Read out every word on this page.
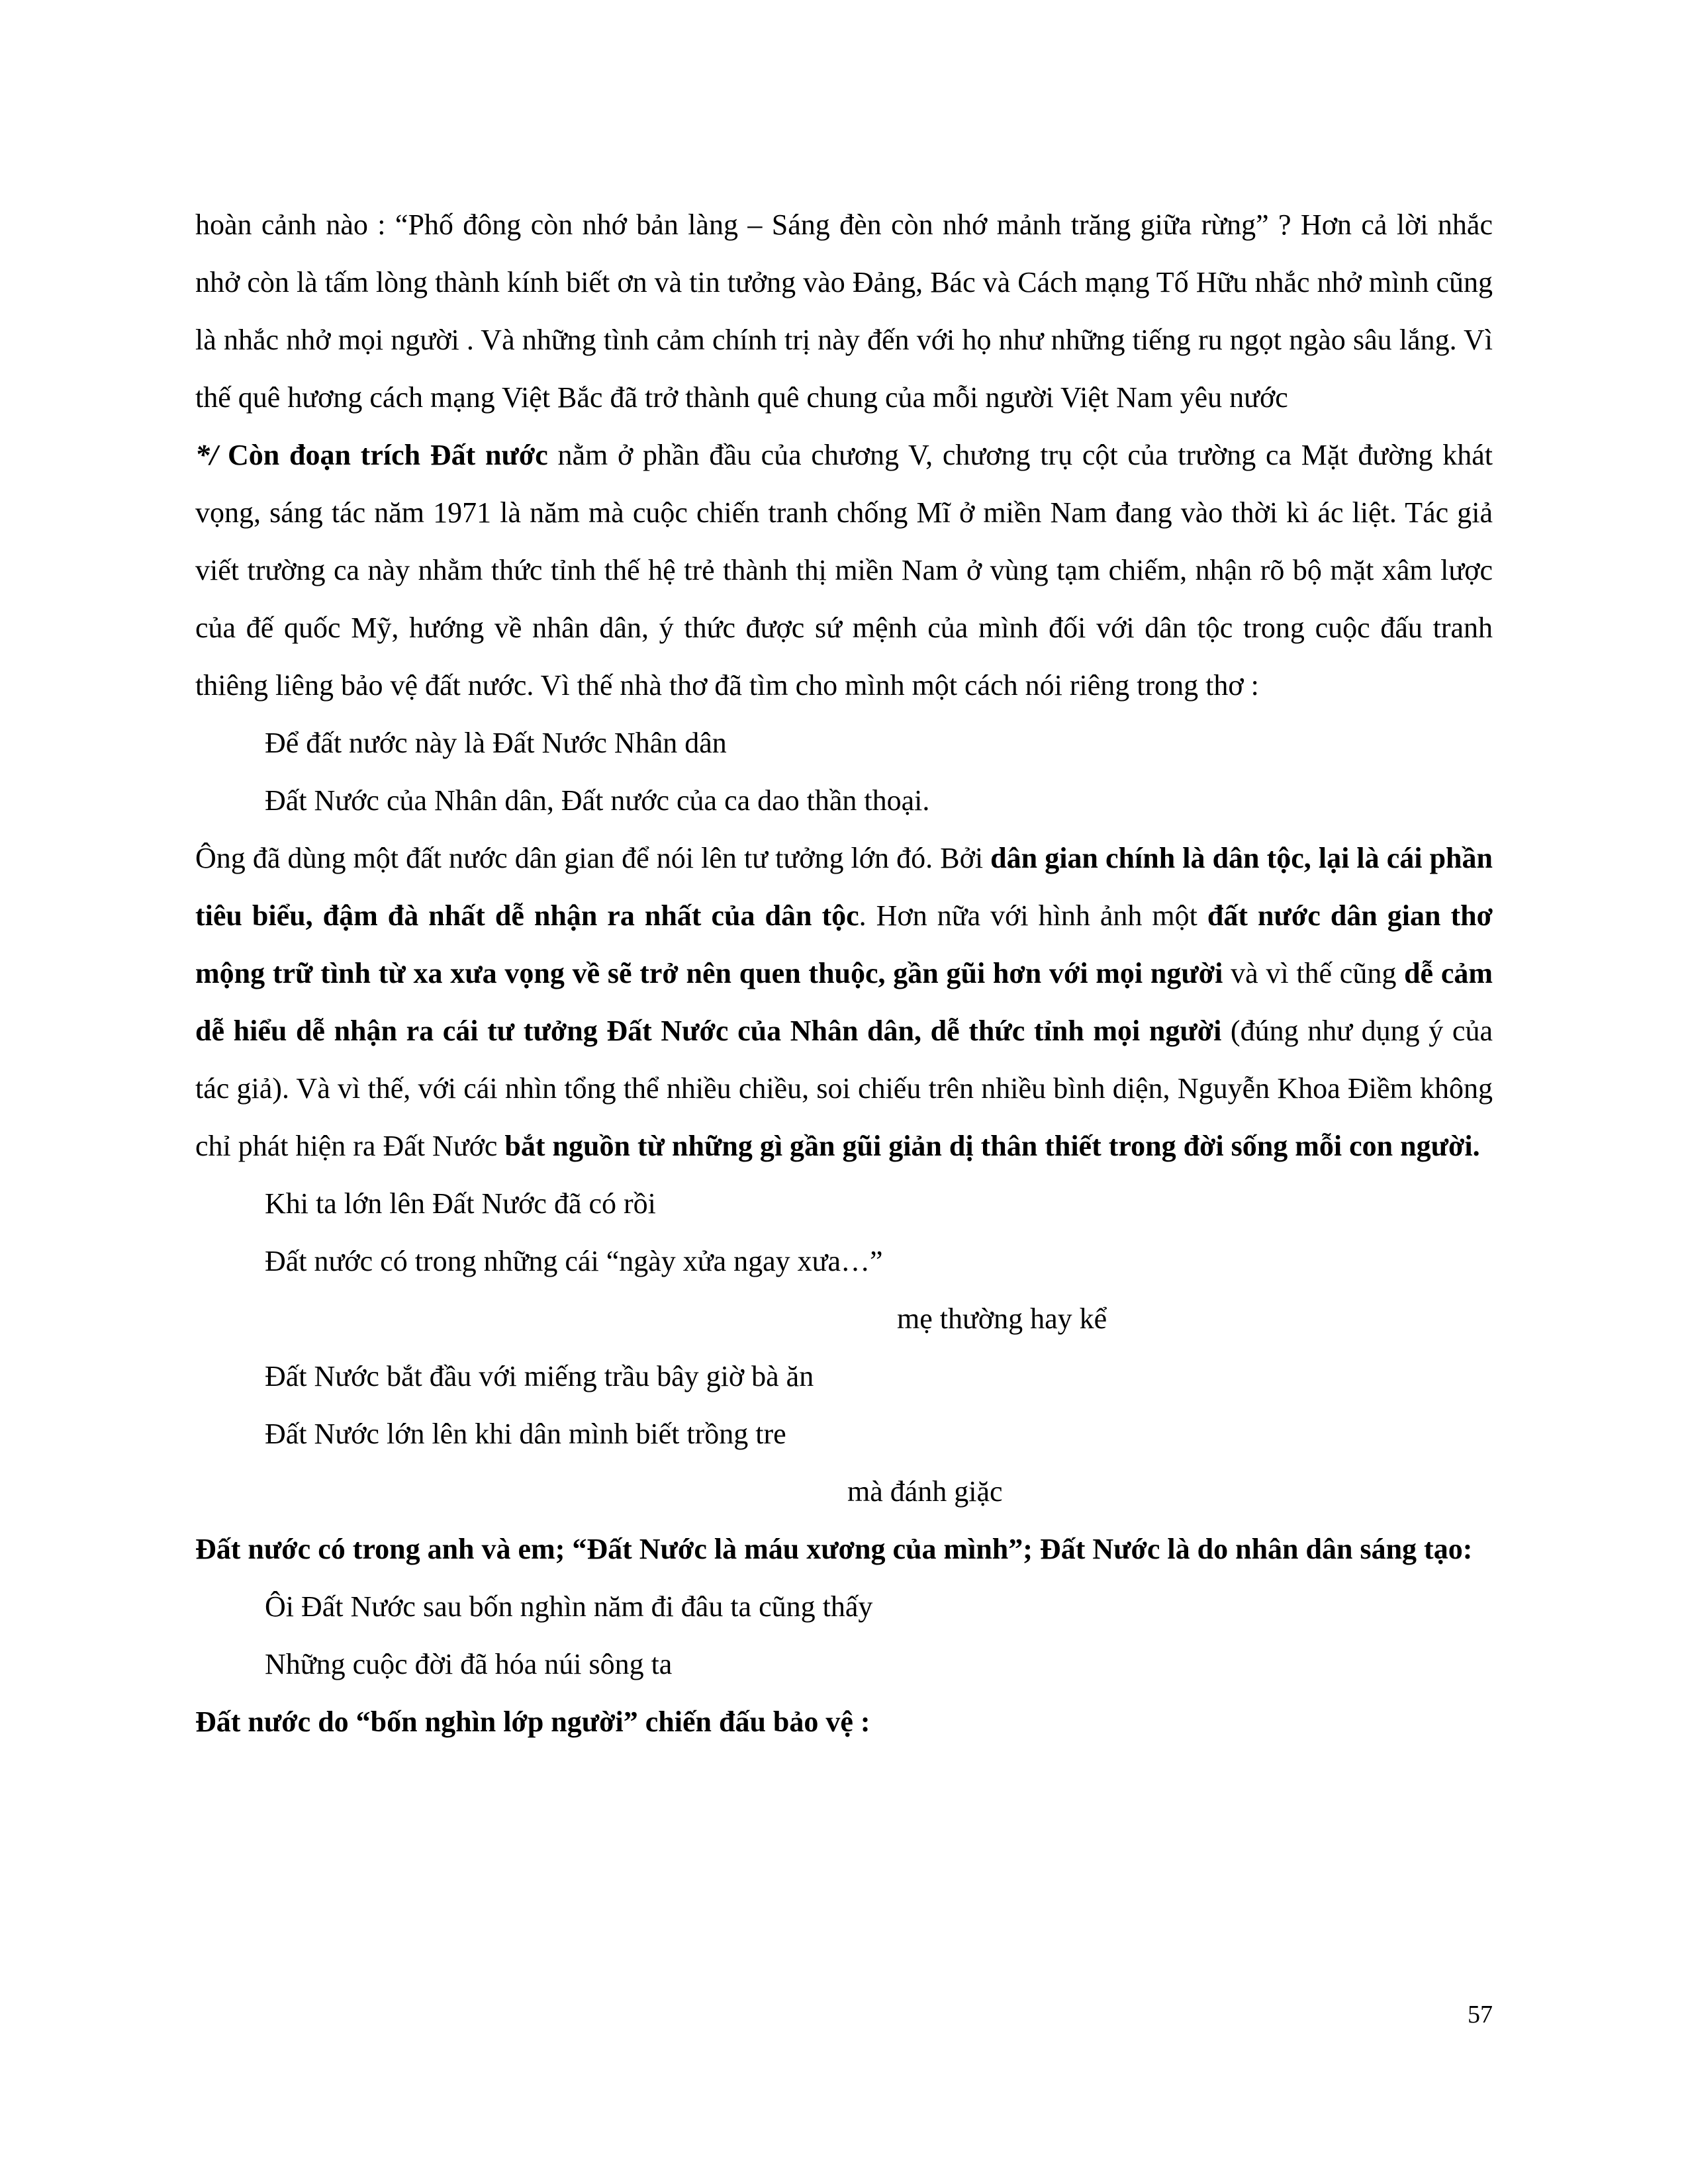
hoàn cảnh nào : “Phố đông còn nhớ bản làng – Sáng đèn còn nhớ mảnh trăng giữa rừng” ? Hơn cả lời nhắc nhở còn là tấm lòng thành kính biết ơn và tin tưởng vào Đảng, Bác và Cách mạng Tố Hữu nhắc nhở mình cũng là nhắc nhở mọi người . Và những tình cảm chính trị này đến với họ như những tiếng ru ngọt ngào sâu lắng. Vì thế quê hương cách mạng Việt Bắc đã trở thành quê chung của mỗi người Việt Nam yêu nước

*/ Còn đoạn trích Đất nước nằm ở phần đầu của chương V, chương trụ cột của trường ca Mặt đường khát vọng, sáng tác năm 1971 là năm mà cuộc chiến tranh chống Mĩ ở miền Nam đang vào thời kì ác liệt. Tác giả viết trường ca này nhằm thức tỉnh thế hệ trẻ thành thị miền Nam ở vùng tạm chiếm, nhận rõ bộ mặt xâm lược của đế quốc Mỹ, hướng về nhân dân, ý thức được sứ mệnh của mình đối với dân tộc trong cuộc đấu tranh thiêng liêng bảo vệ đất nước. Vì thế nhà thơ đã tìm cho mình một cách nói riêng trong thơ :

Để đất nước này là Đất Nước Nhân dân

Đất Nước của Nhân dân, Đất nước của ca dao thần thoại.

Ông đã dùng một đất nước dân gian để nói lên tư tưởng lớn đó. Bởi dân gian chính là dân tộc, lại là cái phần tiêu biểu, đậm đà nhất dễ nhận ra nhất của dân tộc. Hơn nữa với hình ảnh một đất nước dân gian thơ mộng trữ tình từ xa xưa vọng về sẽ trở nên quen thuộc, gần gũi hơn với mọi người và vì thế cũng dễ cảm dễ hiểu dễ nhận ra cái tư tưởng Đất Nước của Nhân dân, dễ thức tỉnh mọi người (đúng như dụng ý của tác giả). Và vì thế, với cái nhìn tổng thể nhiều chiều, soi chiếu trên nhiều bình diện, Nguyễn Khoa Điềm không chỉ phát hiện ra Đất Nước bắt nguồn từ những gì gần gũi giản dị thân thiết trong đời sống mỗi con người.

Khi ta lớn lên Đất Nước đã có rồi

Đất nước có trong những cái “ngày xửa ngay xưa…”

mẹ thường hay kể

Đất Nước bắt đầu với miếng trầu bây giờ bà ăn

Đất Nước lớn lên khi dân mình biết trồng tre

mà đánh giặc

Đất nước có trong anh và em; “Đất Nước là máu xương của mình”; Đất Nước là do nhân dân sáng tạo:

Ôi Đất Nước sau bốn nghìn năm đi đâu ta cũng thấy

Những cuộc đời đã hóa núi sông ta

Đất nước do “bốn nghìn lớp người” chiến đấu bảo vệ :

57
